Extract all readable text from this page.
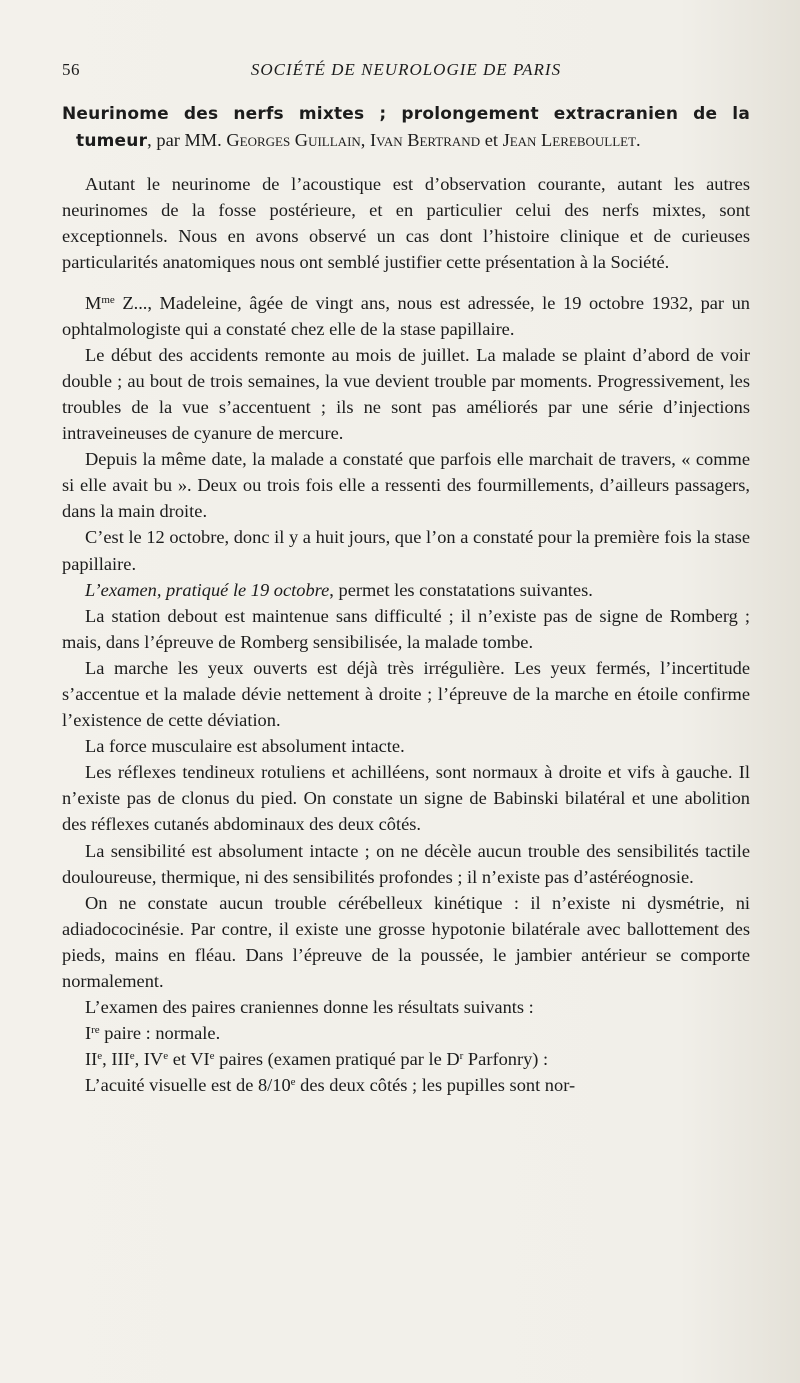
56	SOCIÉTÉ DE NEUROLOGIE DE PARIS

Neurinome des nerfs mixtes ; prolongement extracranien de la tumeur, par MM. Georges Guillain, Ivan Bertrand et Jean Lereboullet.

Autant le neurinome de l’acoustique est d’observation courante, autant les autres neurinomes de la fosse postérieure, et en particulier celui des nerfs mixtes, sont exceptionnels. Nous en avons observé un cas dont l’histoire clinique et de curieuses particularités anatomiques nous ont semblé justifier cette présentation à la Société.

$M^{me}$ Z..., Madeleine, âgée de vingt ans, nous est adressée, le 19 octobre 1932, par un ophtalmologiste qui a constaté chez elle de la stase papillaire.

Le début des accidents remonte au mois de juillet. La malade se plaint d’abord de voir double ; au bout de trois semaines, la vue devient trouble par moments. Progressivement, les troubles de la vue s’accentuent ; ils ne sont pas améliorés par une série d’injections intraveineuses de cyanure de mercure.

Depuis la même date, la malade a constaté que parfois elle marchait de travers, « comme si elle avait bu ». Deux ou trois fois elle a ressenti des fourmillements, d’ailleurs passagers, dans la main droite.

C’est le 12 octobre, donc il y a huit jours, que l’on a constaté pour la première fois la stase papillaire.

L’examen, pratiqué le 19 octobre, permet les constatations suivantes.

La station debout est maintenue sans difficulté ; il n’existe pas de signe de Romberg ; mais, dans l’épreuve de Romberg sensibilisée, la malade tombe.

La marche les yeux ouverts est déjà très irrégulière. Les yeux fermés, l’incertitude s’accentue et la malade dévie nettement à droite ; l’épreuve de la marche en étoile confirme l’existence de cette déviation.

La force musculaire est absolument intacte.

Les réflexes tendineux rotuliens et achilléens, sont normaux à droite et vifs à gauche. Il n’existe pas de clonus du pied. On constate un signe de Babinski bilatéral et une abolition des réflexes cutanés abdominaux des deux côtés.

La sensibilité est absolument intacte ; on ne décèle aucun trouble des sensibilités tactile douloureuse, thermique, ni des sensibilités profondes ; il n’existe pas d’astéréognosie.

On ne constate aucun trouble cérébelleux kinétique : il n’existe ni dysmétrie, ni adiadococinésie. Par contre, il existe une grosse hypotonie bilatérale avec ballottement des pieds, mains en fléau. Dans l’épreuve de la poussée, le jambier antérieur se comporte normalement.

L’examen des paires craniennes donne les résultats suivants :

Ire paire : normale.

IIe, IIIe, IVe et VIe paires (examen pratiqué par le $D^r$ Parfonry) :

L’acuité visuelle est de 8/10e des deux côtés ; les pupilles sont nor-
